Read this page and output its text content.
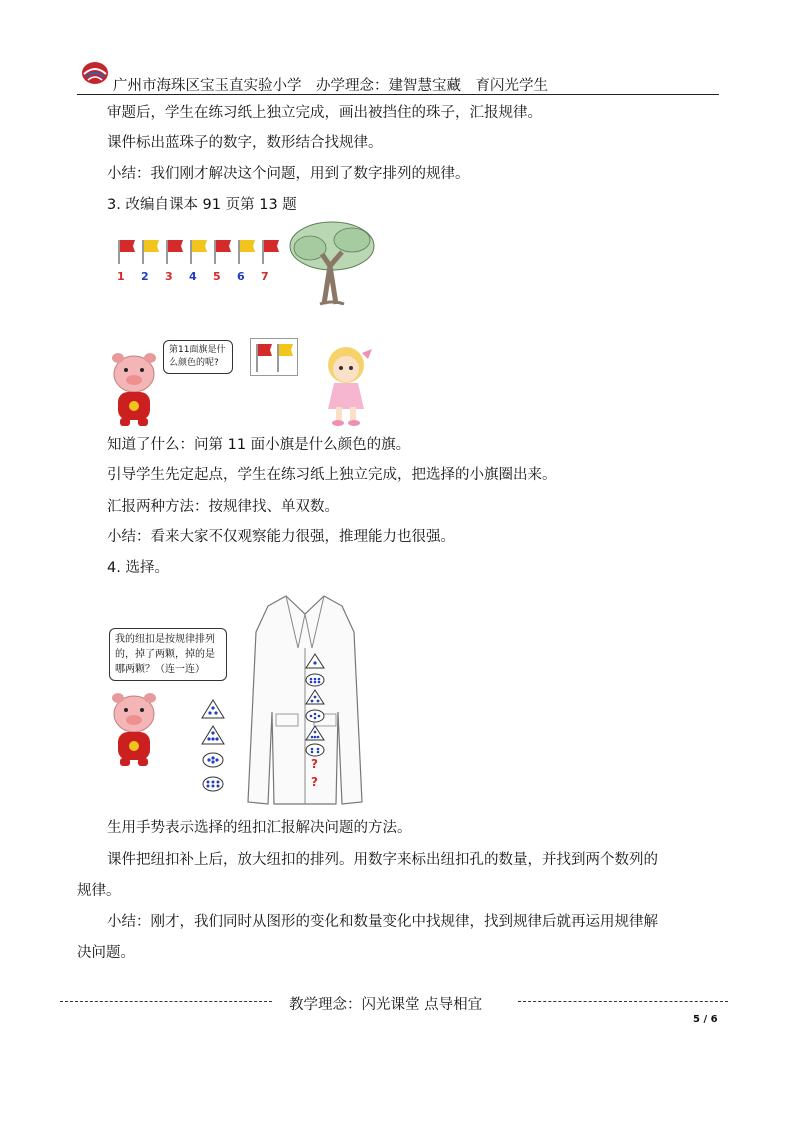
广州市海珠区宝玉直实验小学　 办学理念：建智慧宝藏　育闪光学生
审题后，学生在练习纸上独立完成，画出被挡住的珠子，汇报规律。
课件标出蓝珠子的数字，数形结合找规律。
小结：我们刚才解决这个问题，用到了数字排列的规律。
3. 改编自课本 91 页第 13 题
1 2 3 4 5 6 7
第11面旗是什么颜色的呢?
知道了什么：问第 11 面小旗是什么颜色的旗。
引导学生先定起点，学生在练习纸上独立完成，把选择的小旗圈出来。
汇报两种方法：按规律找、单双数。
小结：看来大家不仅观察能力很强，推理能力也很强。
4. 选择。
我的纽扣是按规律排列的，掉了两颗，掉的是哪两颗？（连一连）
?
?
生用手势表示选择的纽扣汇报解决问题的方法。
课件把纽扣补上后，放大纽扣的排列。用数字来标出纽扣孔的数量，并找到两个数列的
规律。
小结：刚才，我们同时从图形的变化和数量变化中找规律，找到规律后就再运用规律解
决问题。
教学理念：闪光课堂 点导相宜
5 / 6
